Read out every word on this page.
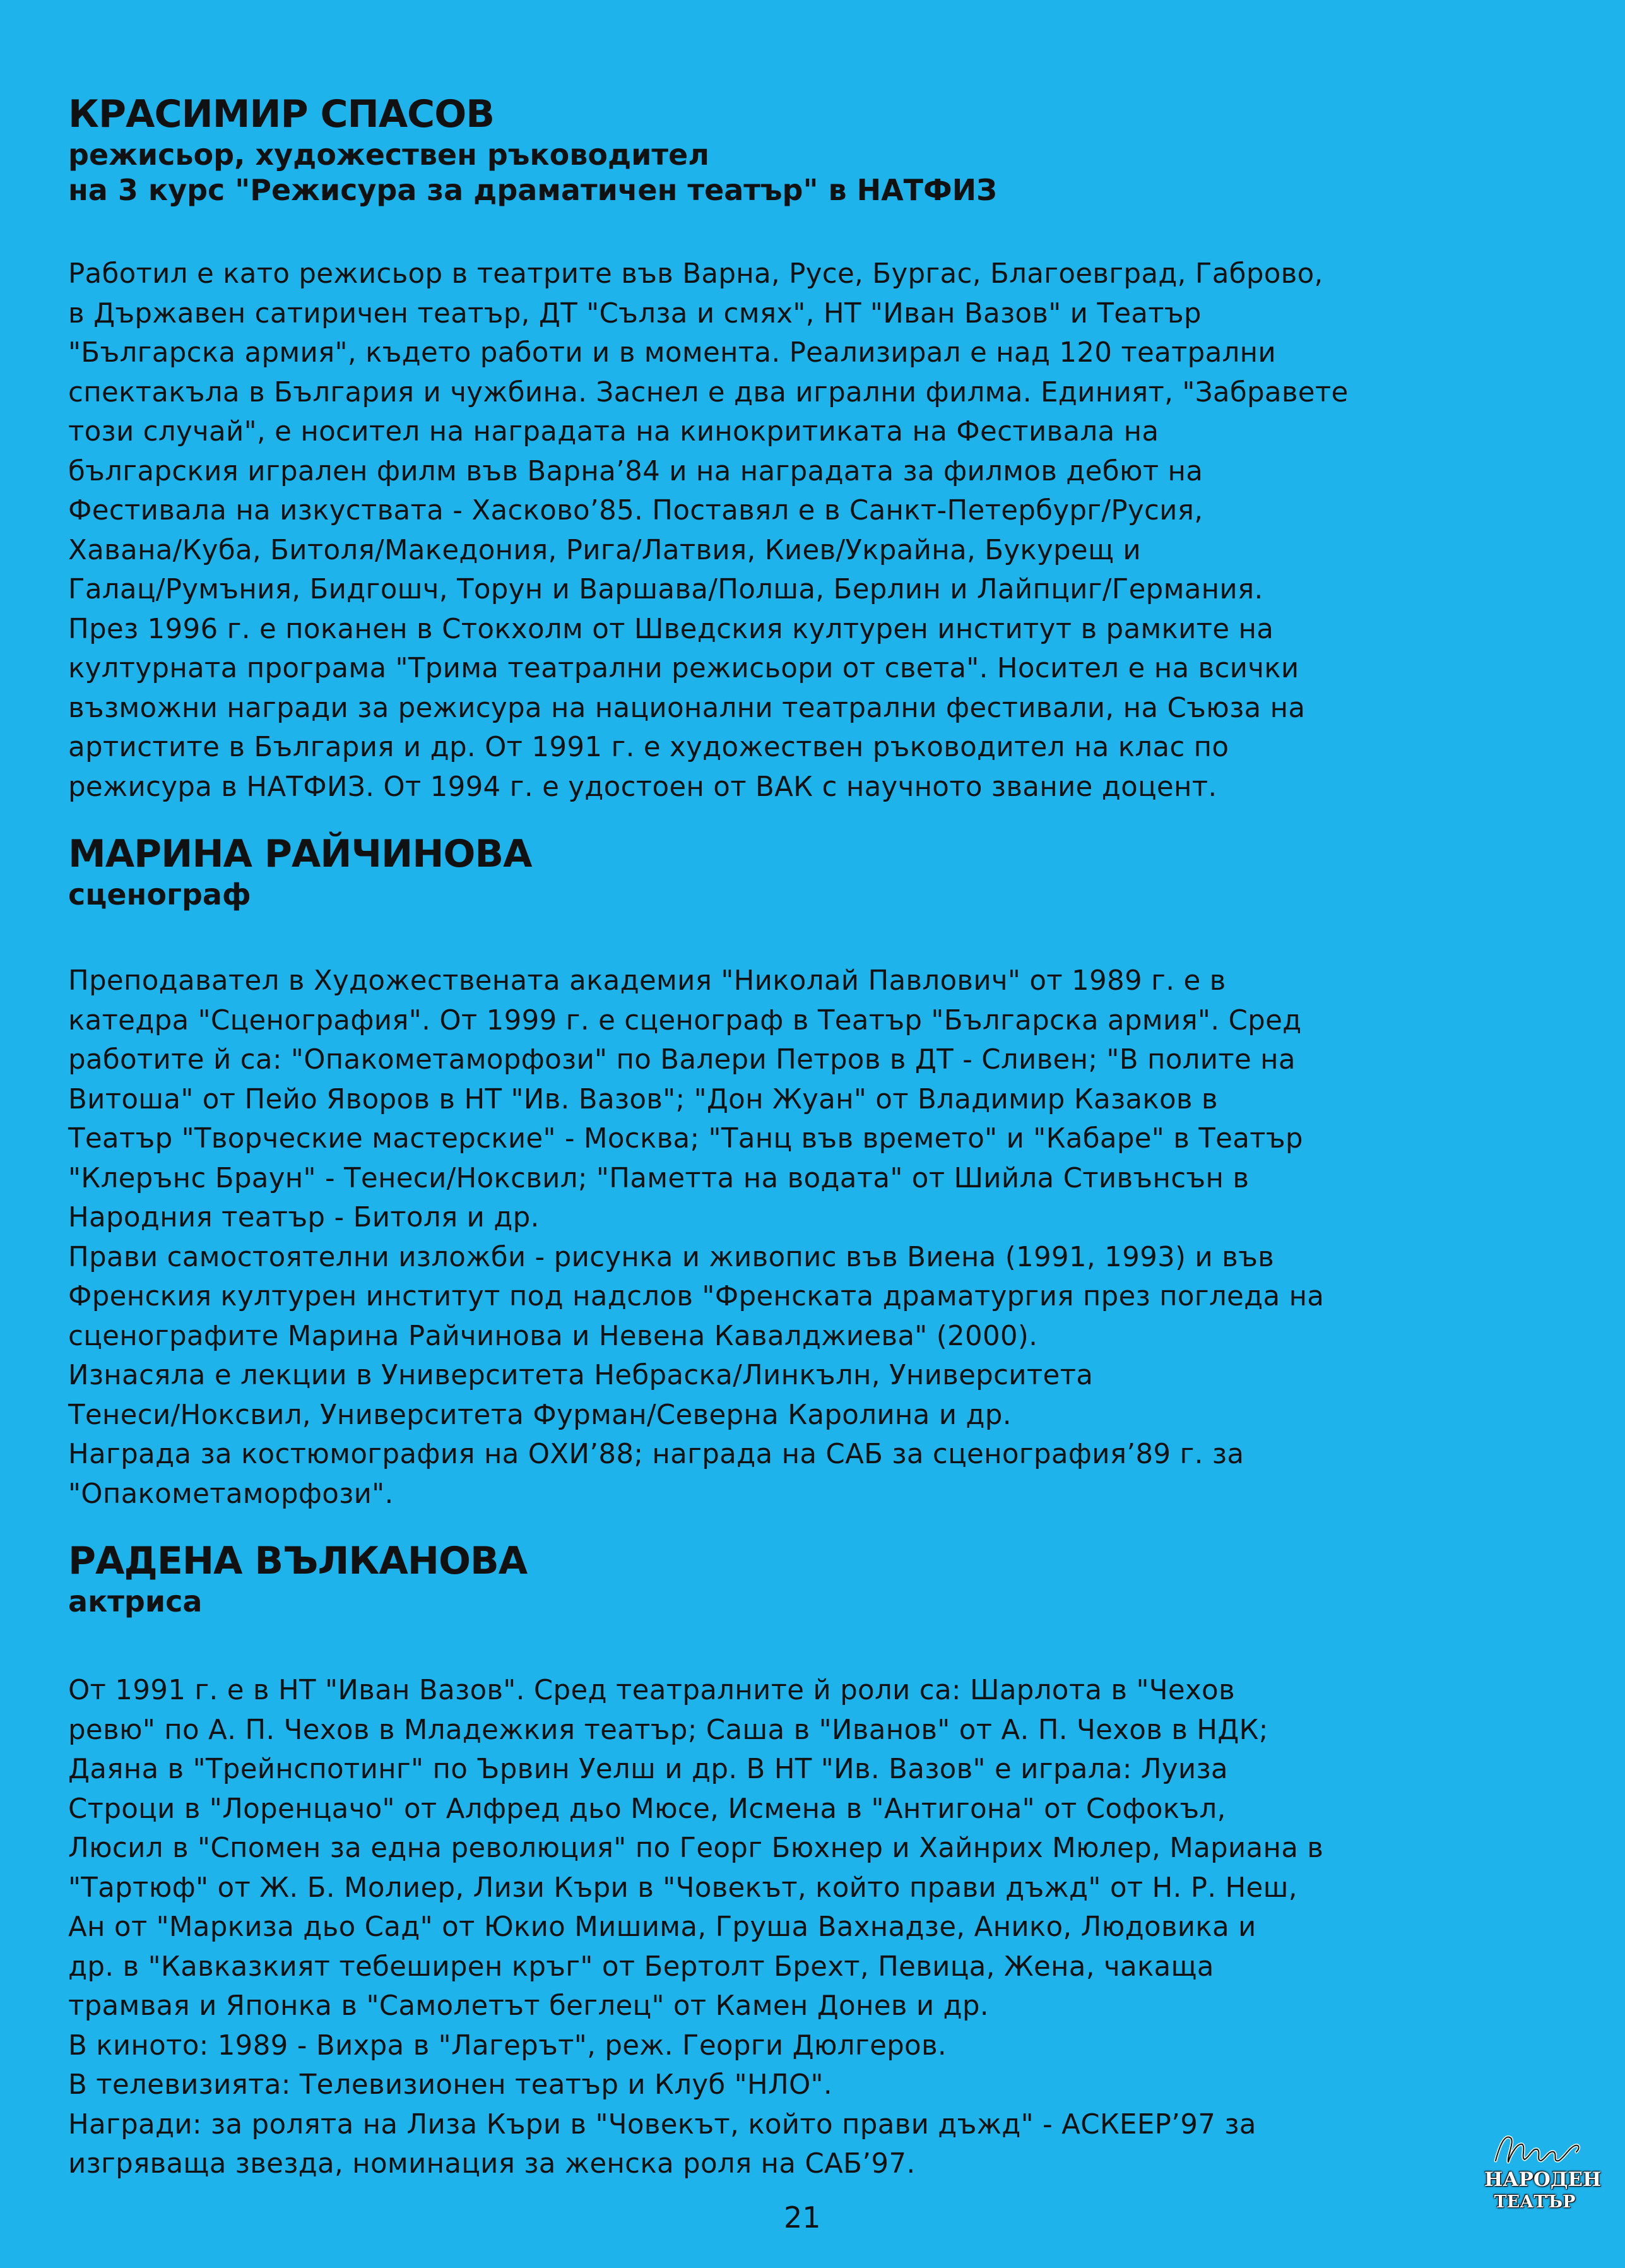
КРАСИМИР СПАСОВ
режисьор, художествен ръководител
на 3 курс "Режисура за драматичен театър" в НАТФИЗ

Работил е като режисьор в театрите във Варна, Русе, Бургас, Благоевград, Габрово,
в Държавен сатиричен театър, ДТ "Сълза и смях", НТ "Иван Вазов" и Театър
"Българска армия", където работи и в момента. Реализирал е над 120 театрални
спектакъла в България и чужбина. Заснел е два игрални филма. Единият, "Забравете
този случай", е носител на наградата на кинокритиката на Фестивала на
българския игрален филм във Варна’84 и на наградата за филмов дебют на
Фестивала на изкуствата - Хасково’85. Поставял е в Санкт-Петербург/Русия,
Хавана/Куба, Битоля/Македония, Рига/Латвия, Киев/Украйна, Букурещ и
Галац/Румъния, Бидгошч, Торун и Варшава/Полша, Берлин и Лайпциг/Германия.
През 1996 г. е поканен в Стокхолм от Шведския културен институт в рамките на
културната програма "Трима театрални режисьори от света". Носител е на всички
възможни награди за режисура на национални театрални фестивали, на Съюза на
артистите в България и др. От 1991 г. е художествен ръководител на клас по
режисура в НАТФИЗ. От 1994 г. е удостоен от ВАК с научното звание доцент.

МАРИНА РАЙЧИНОВА
сценограф

Преподавател в Художествената академия "Николай Павлович" от 1989 г. е в
катедра "Сценография". От 1999 г. е сценограф в Театър "Българска армия". Сред
работите й са: "Опакометаморфози" по Валери Петров в ДТ - Сливен; "В полите на
Витоша" от Пейо Яворов в НТ "Ив. Вазов"; "Дон Жуан" от Владимир Казаков в
Театър "Творческие мастерские" - Москва; "Танц във времето" и "Кабаре" в Театър
"Клерънс Браун" - Тенеси/Ноксвил; "Паметта на водата" от Шийла Стивънсън в
Народния театър - Битоля и др.
Прави самостоятелни изложби - рисунка и живопис във Виена (1991, 1993) и във
Френския културен институт под надслов "Френската драматургия през погледа на
сценографите Марина Райчинова и Невена Кавалджиева" (2000).
Изнасяла е лекции в Университета Небраска/Линкълн, Университета
Тенеси/Ноксвил, Университета Фурман/Северна Каролина и др.
Награда за костюмография на ОХИ’88; награда на САБ за сценография’89 г. за
"Опакометаморфози".

РАДЕНА ВЪЛКАНОВА
актриса

От 1991 г. е в НТ "Иван Вазов". Сред театралните й роли са: Шарлота в "Чехов
ревю" по А. П. Чехов в Младежкия театър; Саша в "Иванов" от А. П. Чехов в НДК;
Даяна в "Трейнспотинг" по Ървин Уелш и др. В НТ "Ив. Вазов" е играла: Луиза
Строци в "Лоренцачо" от Алфред дьо Мюсе, Исмена в "Антигона" от Софокъл,
Люсил в "Спомен за една революция" по Георг Бюхнер и Хайнрих Мюлер, Мариана в
"Тартюф" от Ж. Б. Молиер, Лизи Къри в "Човекът, който прави дъжд" от Н. Р. Неш,
Ан от "Маркиза дьо Сад" от Юкио Мишима, Груша Вахнадзе, Анико, Людовика и
др. в "Кавказкият тебеширен кръг" от Бертолт Брехт, Певица, Жена, чакаща
трамвая и Японка в "Самолетът беглец" от Камен Донев и др.
В киното: 1989 - Вихра в "Лагерът", реж. Георги Дюлгеров.
В телевизията: Телевизионен театър и Клуб "НЛО".
Награди: за ролята на Лиза Къри в "Човекът, който прави дъжд" - АСКЕЕР’97 за
изгряваща звезда, номинация за женска роля на САБ’97.

21
НАРОДЕН
ТЕАТЪР
